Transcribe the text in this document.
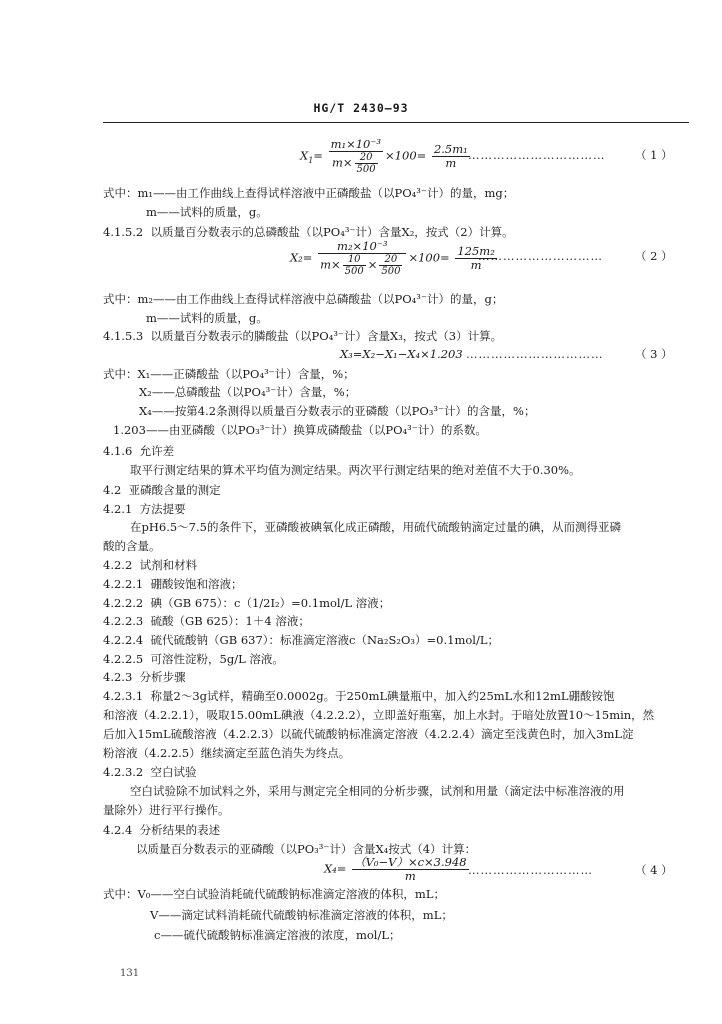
HG/T 2430—93
$X_1= \frac{\text{m₁×10⁻³}}{m\times \frac{20}{500}} \times 100= \frac{\text{2.5m₁}}{m}$
……………………………	（ 1 ）
式中：m₁——由工作曲线上查得试样溶液中正磷酸盐（以PO₄³⁻计）的量，mg；
m——试料的质量，g。
4.1.5.2 以质量百分数表示的总磷酸盐（以PO₄³⁻计）含量X₂，按式（2）计算。
$X_2= \frac{\text{m₂×10⁻³}}{m\times \frac{10}{500} \times \frac{20}{500}} \times 100= \frac{\text{125m₂}}{m}$
…………………………	（ 2 ）
式中：m₂——由工作曲线上查得试样溶液中总磷酸盐（以PO₄³⁻计）的量，g；
m——试料的质量，g。
4.1.5.3 以质量百分数表示的膦酸盐（以PO₄³⁻计）含量X₃，按式（3）计算。
X₃=X₂−X₁−X₄×1.203 ……………………………	（ 3 ）
式中：X₁——正磷酸盐（以PO₄³⁻计）含量，%；
X₂——总磷酸盐（以PO₄³⁻计）含量，%；
X₄——按第4.2条测得以质量百分数表示的亚磷酸（以PO₃³⁻计）的含量，%；
1.203——由亚磷酸（以PO₃³⁻计）换算成磷酸盐（以PO₄³⁻计）的系数。
4.1.6 允许差
取平行测定结果的算术平均值为测定结果。两次平行测定结果的绝对差值不大于0.30%。
4.2 亚磷酸含量的测定
4.2.1 方法提要
在pH6.5～7.5的条件下，亚磷酸被碘氧化成正磷酸，用硫代硫酸钠滴定过量的碘，从而测得亚磷
酸的含量。
4.2.2 试剂和材料
4.2.2.1 硼酸铵饱和溶液；
4.2.2.2 碘（GB 675）：c（1/2I₂）=0.1mol/L 溶液；
4.2.2.3 硫酸（GB 625）：1＋4 溶液；
4.2.2.4 硫代硫酸钠（GB 637）：标准滴定溶液c（Na₂S₂O₃）=0.1mol/L；
4.2.2.5 可溶性淀粉，5g/L 溶液。
4.2.3 分析步骤
4.2.3.1 称量2～3g试样，精确至0.0002g。于250mL碘量瓶中，加入约25mL水和12mL硼酸铵饱
和溶液（4.2.2.1），吸取15.00mL碘液（4.2.2.2），立即盖好瓶塞，加上水封。于暗处放置10～15min，然
后加入15mL硫酸溶液（4.2.2.3）以硫代硫酸钠标准滴定溶液（4.2.2.4）滴定至浅黄色时，加入3mL淀
粉溶液（4.2.2.5）继续滴定至蓝色消失为终点。
4.2.3.2 空白试验
空白试验除不加试料之外，采用与测定完全相同的分析步骤，试剂和用量（滴定法中标准溶液的用
量除外）进行平行操作。
4.2.4 分析结果的表述
以质量百分数表示的亚磷酸（以PO₃³⁻计）含量X₄按式（4）计算：
$X_4= \frac{\text{（V₀−V）×c×3.948}}{m}$ …………………………	（ 4 ）
式中：V₀——空白试验消耗硫代硫酸钠标准滴定溶液的体积，mL；
V——滴定试料消耗硫代硫酸钠标准滴定溶液的体积，mL；
c——硫代硫酸钠标准滴定溶液的浓度，mol/L；
131
